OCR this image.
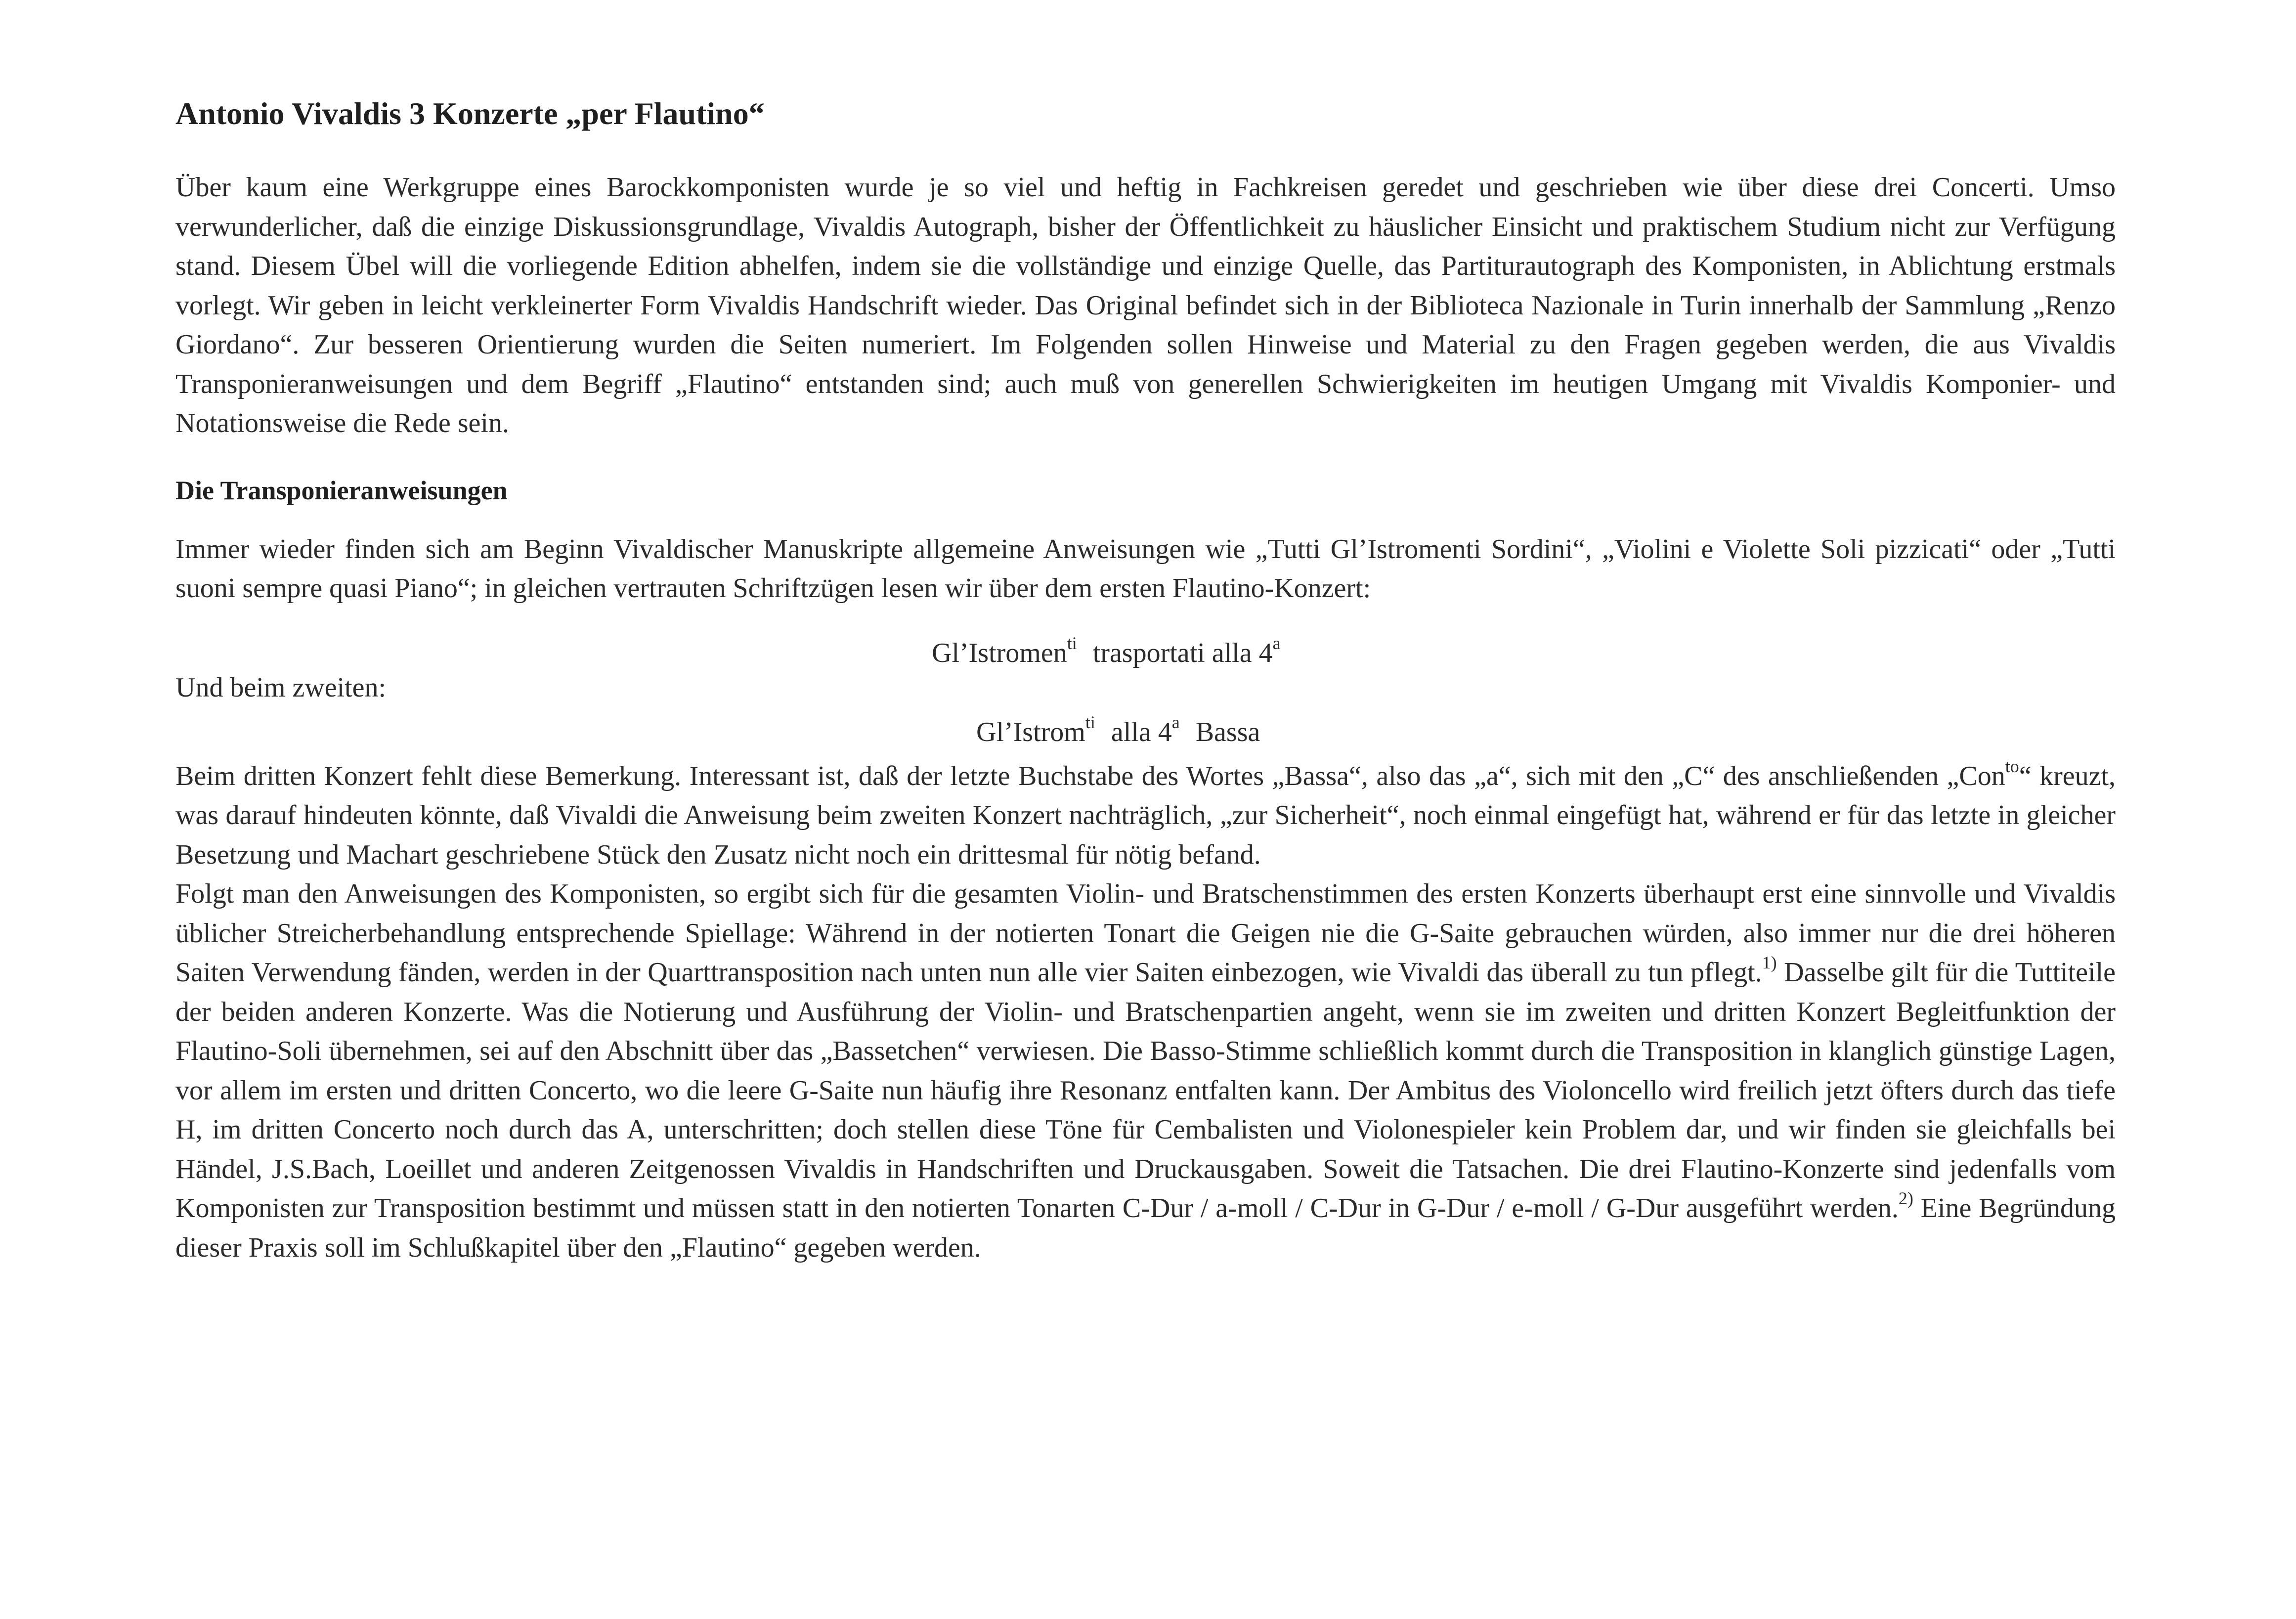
Antonio Vivaldis 3 Konzerte „per Flautino“

Über kaum eine Werkgruppe eines Barockkomponisten wurde je so viel und heftig in Fachkreisen geredet und geschrieben wie über diese drei Concerti. Umso verwunderlicher, daß die einzige Diskussionsgrundlage, Vivaldis Autograph, bisher der Öffentlichkeit zu häuslicher Einsicht und praktischem Studium nicht zur Verfügung stand. Diesem Übel will die vorliegende Edition abhelfen, indem sie die vollständige und einzige Quelle, das Partiturautograph des Komponisten, in Ablichtung erstmals vorlegt. Wir geben in leicht verkleinerter Form Vivaldis Handschrift wieder. Das Original befindet sich in der Biblioteca Nazionale in Turin innerhalb der Sammlung „Renzo Giordano“. Zur besseren Orientierung wurden die Seiten numeriert. Im Folgenden sollen Hinweise und Material zu den Fragen gegeben werden, die aus Vivaldis Transponieranweisungen und dem Begriff „Flautino“ entstanden sind; auch muß von generellen Schwierigkeiten im heutigen Umgang mit Vivaldis Komponier- und Notationsweise die Rede sein.

Die Transponieranweisungen

Immer wieder finden sich am Beginn Vivaldischer Manuskripte allgemeine Anweisungen wie „Tutti Gl’Istromenti Sordini“, „Violini e Violette Soli pizzicati“ oder „Tutti suoni sempre quasi Piano“; in gleichen vertrauten Schriftzügen lesen wir über dem ersten Flautino-Konzert:

Gl’Istromen$^{ti}$ trasportati alla 4$^a$
Und beim zweiten:
Gl’Istrom$^{ti}$ alla 4$^a$ Bassa

Beim dritten Konzert fehlt diese Bemerkung. Interessant ist, daß der letzte Buchstabe des Wortes „Bassa“, also das „a“, sich mit den „C“ des anschließenden „Con$^{to}$“ kreuzt, was darauf hindeuten könnte, daß Vivaldi die Anweisung beim zweiten Konzert nachträglich, „zur Sicherheit“, noch einmal eingefügt hat, während er für das letzte in gleicher Besetzung und Machart geschriebene Stück den Zusatz nicht noch ein drittesmal für nötig befand.

Folgt man den Anweisungen des Komponisten, so ergibt sich für die gesamten Violin- und Bratschenstimmen des ersten Konzerts überhaupt erst eine sinnvolle und Vivaldis üblicher Streicherbehandlung entsprechende Spiellage: Während in der notierten Tonart die Geigen nie die G-Saite gebrauchen würden, also immer nur die drei höheren Saiten Verwendung fänden, werden in der Quarttransposition nach unten nun alle vier Saiten einbezogen, wie Vivaldi das überall zu tun pflegt.$^{1)}$ Dasselbe gilt für die Tuttiteile der beiden anderen Konzerte. Was die Notierung und Ausführung der Violin- und Bratschenpartien angeht, wenn sie im zweiten und dritten Konzert Begleitfunktion der Flautino-Soli übernehmen, sei auf den Abschnitt über das „Bassetchen“ verwiesen. Die Basso-Stimme schließlich kommt durch die Transposition in klanglich günstige Lagen, vor allem im ersten und dritten Concerto, wo die leere G-Saite nun häufig ihre Resonanz entfalten kann. Der Ambitus des Violoncello wird freilich jetzt öfters durch das tiefe H, im dritten Concerto noch durch das A, unterschritten; doch stellen diese Töne für Cembalisten und Violonespieler kein Problem dar, und wir finden sie gleichfalls bei Händel, J.S.Bach, Loeillet und anderen Zeitgenossen Vivaldis in Handschriften und Druckausgaben. Soweit die Tatsachen. Die drei Flautino-Konzerte sind jedenfalls vom Komponisten zur Transposition bestimmt und müssen statt in den notierten Tonarten C-Dur / a-moll / C-Dur in G-Dur / e-moll / G-Dur ausgeführt werden.$^{2)}$ Eine Begründung dieser Praxis soll im Schlußkapitel über den „Flautino“ gegeben werden.
